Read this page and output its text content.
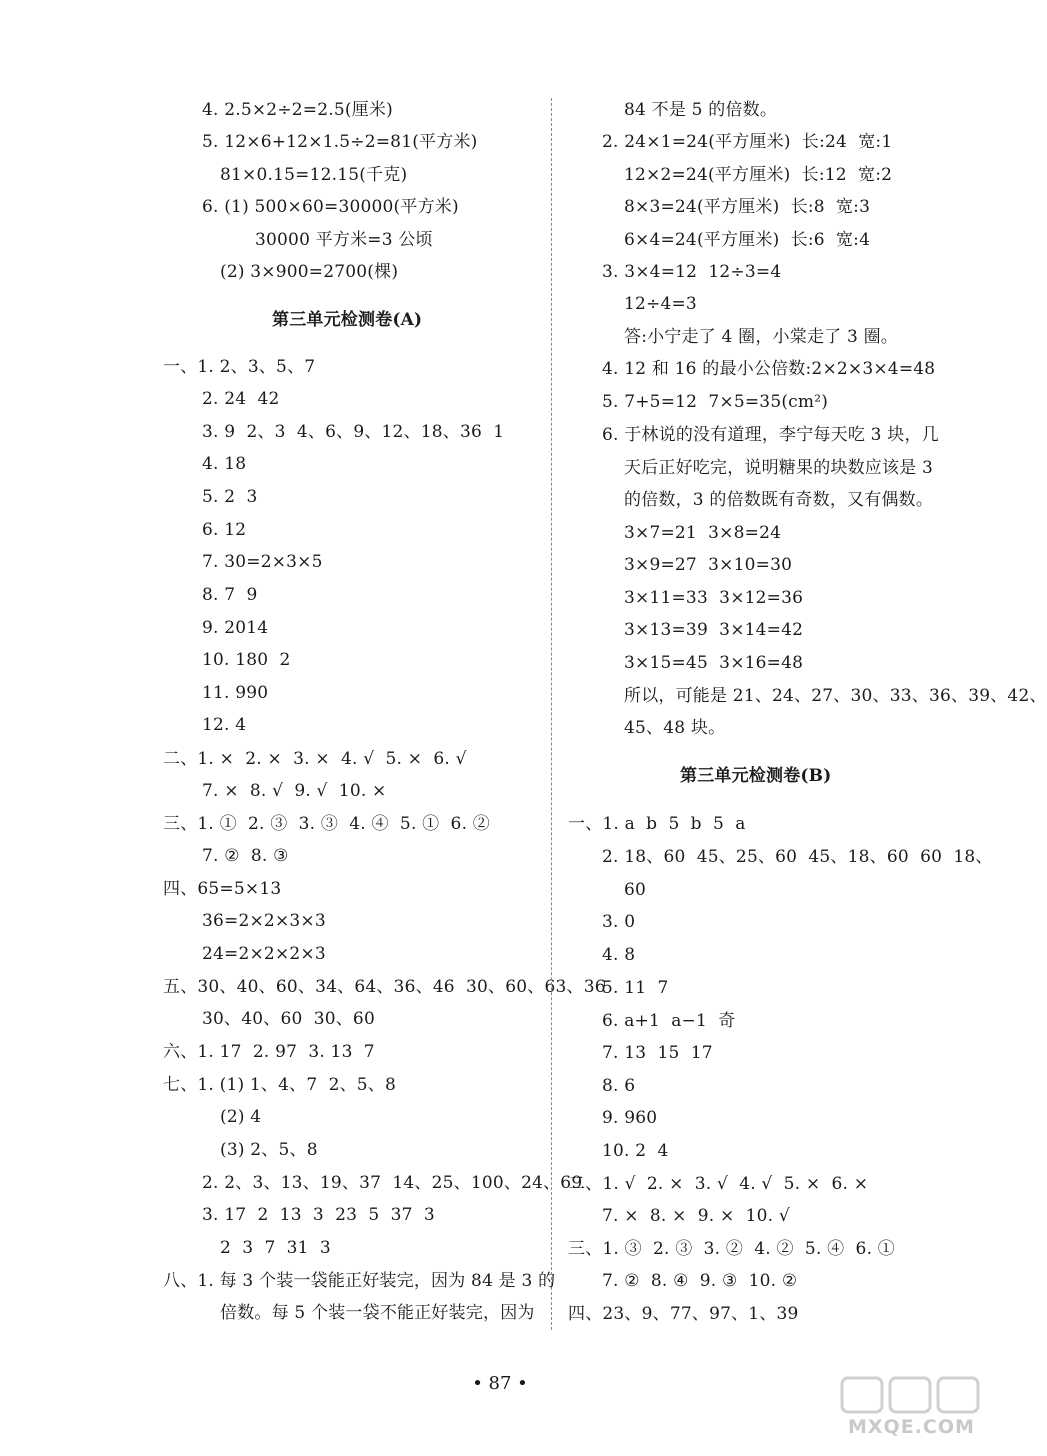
4. 2.5×2÷2=2.5(厘米)
5. 12×6+12×1.5÷2=81(平方米)
81×0.15=12.15(千克)
6. (1) 500×60=30000(平方米)
30000 平方米=3 公顷
(2) 3×900=2700(棵)
第三单元检测卷(A)
一、1. 2、3、5、7
2. 24  42
3. 9  2、3  4、6、9、12、18、36  1
4. 18
5. 2  3
6. 12
7. 30=2×3×5
8. 7  9
9. 2014
10. 180  2
11. 990
12. 4
二、1. ×  2. ×  3. ×  4. √  5. ×  6. √
7. ×  8. √  9. √  10. ×
三、1. ①  2. ③  3. ③  4. ④  5. ①  6. ②
7. ②  8. ③
四、65=5×13
36=2×2×3×3
24=2×2×2×3
五、30、40、60、34、64、36、46  30、60、63、36
30、40、60  30、60
六、1. 17  2. 97  3. 13  7
七、1. (1) 1、4、7  2、5、8
(2) 4
(3) 2、5、8
2. 2、3、13、19、37  14、25、100、24、69
3. 17  2  13  3  23  5  37  3
2  3  7  31  3
八、1. 每 3 个装一袋能正好装完，因为 84 是 3 的
倍数。每 5 个装一袋不能正好装完，因为
84 不是 5 的倍数。
2. 24×1=24(平方厘米)  长:24  宽:1
12×2=24(平方厘米)  长:12  宽:2
8×3=24(平方厘米)  长:8  宽:3
6×4=24(平方厘米)  长:6  宽:4
3. 3×4=12  12÷3=4
12÷4=3
答:小宁走了 4 圈，小棠走了 3 圈。
4. 12 和 16 的最小公倍数:2×2×3×4=48
5. 7+5=12  7×5=35(cm²)
6. 于林说的没有道理，李宁每天吃 3 块，几
天后正好吃完，说明糖果的块数应该是 3
的倍数，3 的倍数既有奇数，又有偶数。
3×7=21  3×8=24
3×9=27  3×10=30
3×11=33  3×12=36
3×13=39  3×14=42
3×15=45  3×16=48
所以，可能是 21、24、27、30、33、36、39、42、
45、48 块。
第三单元检测卷(B)
一、1. a  b  5  b  5  a
2. 18、60  45、25、60  45、18、60  60  18、
60
3. 0
4. 8
5. 11  7
6. a+1  a−1  奇
7. 13  15  17
8. 6
9. 960
10. 2  4
二、1. √  2. ×  3. √  4. √  5. ×  6. ×
7. ×  8. ×  9. ×  10. √
三、1. ③  2. ③  3. ②  4. ②  5. ④  6. ①
7. ②  8. ④  9. ③  10. ②
四、23、9、77、97、1、39
• 87 •
MXQE.COM
